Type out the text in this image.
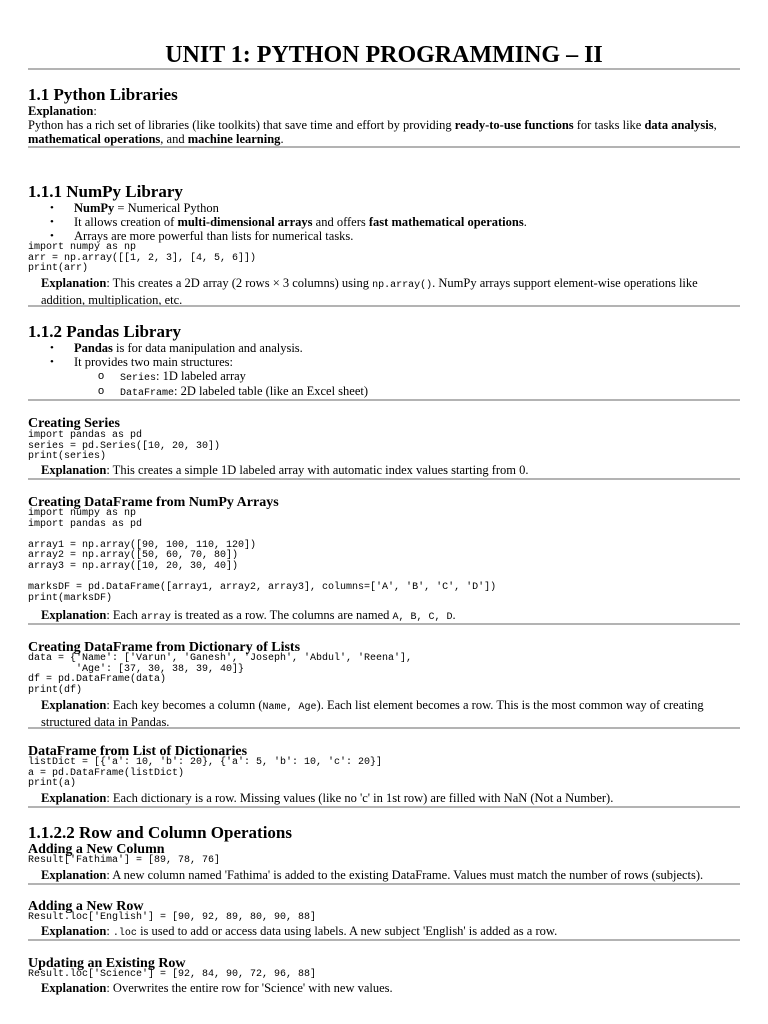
UNIT 1: PYTHON PROGRAMMING – II
1.1 Python Libraries
Explanation:
Python has a rich set of libraries (like toolkits) that save time and effort by providing ready-to-use functions for tasks like data analysis, mathematical operations, and machine learning.
1.1.1 NumPy Library
• NumPy = Numerical Python
• It allows creation of multi-dimensional arrays and offers fast mathematical operations.
• Arrays are more powerful than lists for numerical tasks.
import numpy as np
arr = np.array([[1, 2, 3], [4, 5, 6]])
print(arr)
Explanation: This creates a 2D array (2 rows × 3 columns) using np.array(). NumPy arrays support element-wise operations like addition, multiplication, etc.
1.1.2 Pandas Library
• Pandas is for data manipulation and analysis.
• It provides two main structures:
o Series: 1D labeled array
o DataFrame: 2D labeled table (like an Excel sheet)
Creating Series
import pandas as pd
series = pd.Series([10, 20, 30])
print(series)
Explanation: This creates a simple 1D labeled array with automatic index values starting from 0.
Creating DataFrame from NumPy Arrays
import numpy as np
import pandas as pd

array1 = np.array([90, 100, 110, 120])
array2 = np.array([50, 60, 70, 80])
array3 = np.array([10, 20, 30, 40])

marksDF = pd.DataFrame([array1, array2, array3], columns=['A', 'B', 'C', 'D'])
print(marksDF)
Explanation: Each array is treated as a row. The columns are named A, B, C, D.
Creating DataFrame from Dictionary of Lists
data = {'Name': ['Varun', 'Ganesh', 'Joseph', 'Abdul', 'Reena'],
'Age': [37, 30, 38, 39, 40]}
df = pd.DataFrame(data)
print(df)
Explanation: Each key becomes a column (Name, Age). Each list element becomes a row. This is the most common way of creating structured data in Pandas.
DataFrame from List of Dictionaries
listDict = [{'a': 10, 'b': 20}, {'a': 5, 'b': 10, 'c': 20}]
a = pd.DataFrame(listDict)
print(a)
Explanation: Each dictionary is a row. Missing values (like no 'c' in 1st row) are filled with NaN (Not a Number).
1.1.2.2 Row and Column Operations
Adding a New Column
Result['Fathima'] = [89, 78, 76]
Explanation: A new column named 'Fathima' is added to the existing DataFrame. Values must match the number of rows (subjects).
Adding a New Row
Result.loc['English'] = [90, 92, 89, 80, 90, 88]
Explanation: .loc is used to add or access data using labels. A new subject 'English' is added as a row.
Updating an Existing Row
Result.loc['Science'] = [92, 84, 90, 72, 96, 88]
Explanation: Overwrites the entire row for 'Science' with new values.
